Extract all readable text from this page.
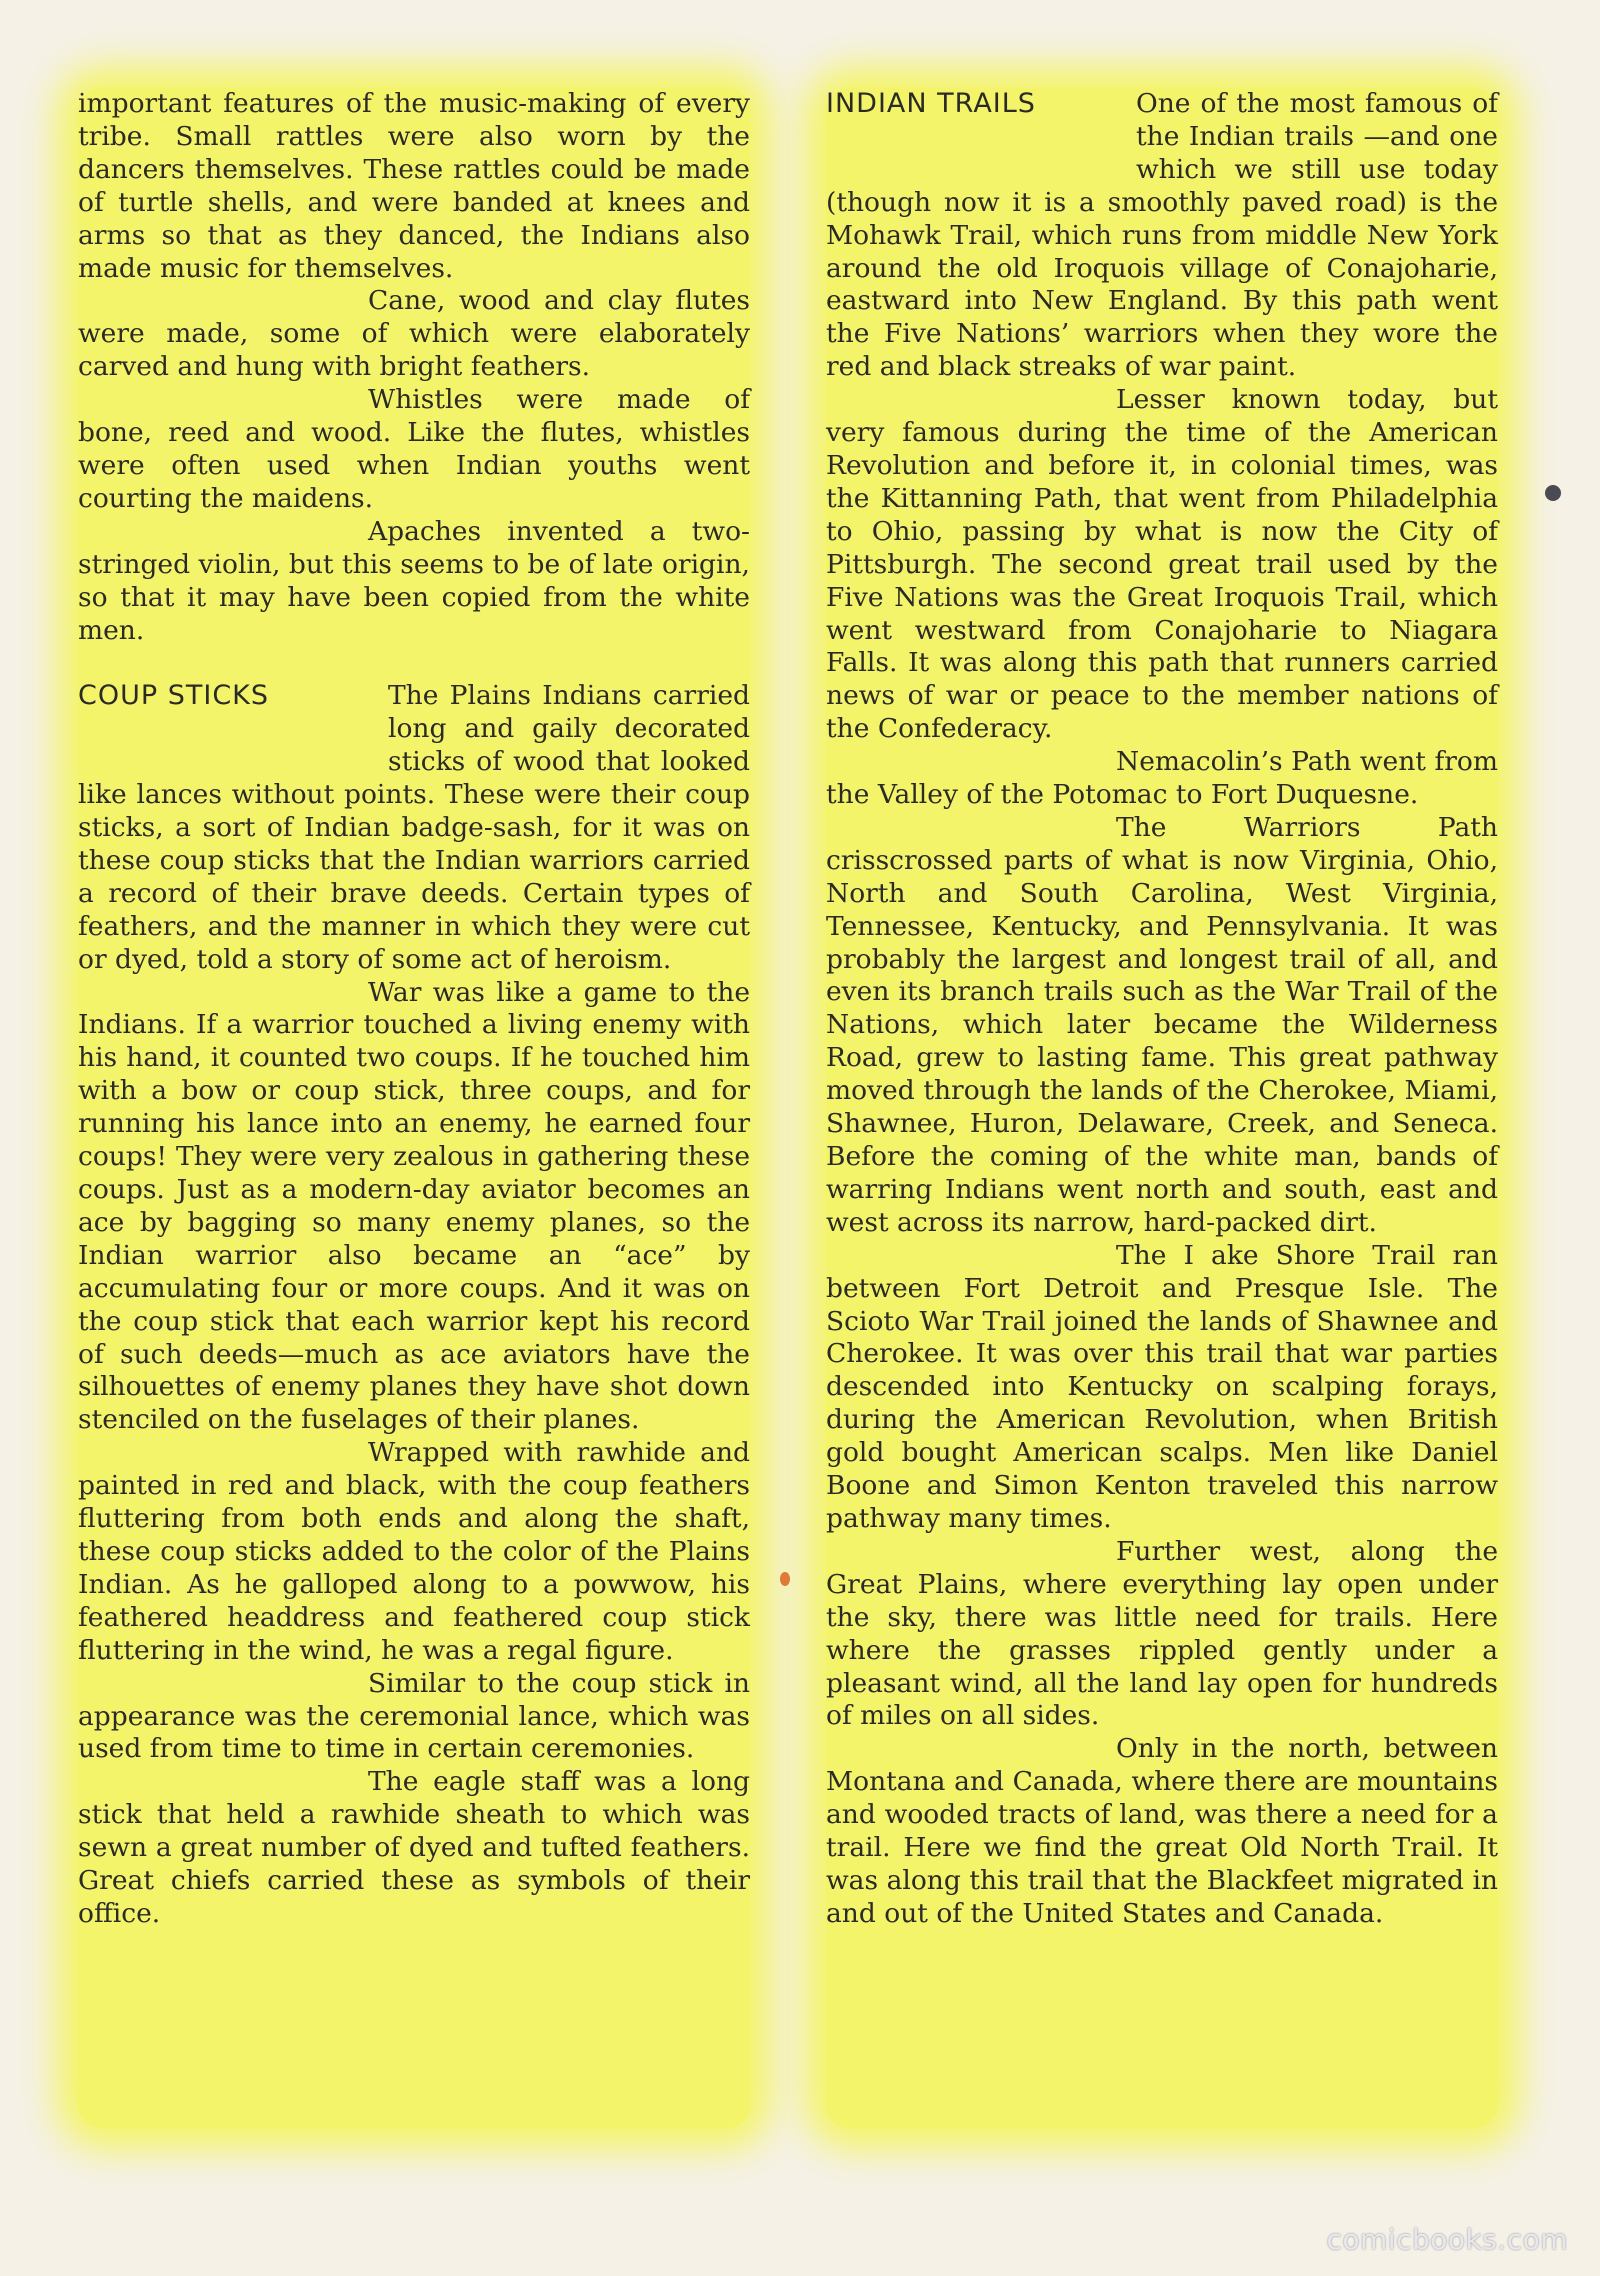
important features of the music-making of every tribe. Small rattles were also worn by the dancers themselves. These rattles could be made of turtle shells, and were banded at knees and arms so that as they danced, the Indians also made music for themselves.

Cane, wood and clay flutes were made, some of which were elaborately carved and hung with bright feathers.

Whistles were made of bone, reed and wood. Like the flutes, whistles were often used when Indian youths went courting the maidens.

Apaches invented a two-stringed violin, but this seems to be of late origin, so that it may have been copied from the white men.

COUP STICKS	The Plains Indians carried long and gaily decorated sticks of wood that looked like lances without points. These were their coup sticks, a sort of Indian badge-sash, for it was on these coup sticks that the Indian warriors carried a record of their brave deeds. Certain types of feathers, and the manner in which they were cut or dyed, told a story of some act of heroism.

War was like a game to the Indians. If a warrior touched a living enemy with his hand, it counted two coups. If he touched him with a bow or coup stick, three coups, and for running his lance into an enemy, he earned four coups! They were very zealous in gathering these coups. Just as a modern-day aviator becomes an ace by bagging so many enemy planes, so the Indian warrior also became an “ace” by accumulating four or more coups. And it was on the coup stick that each warrior kept his record of such deeds—much as ace aviators have the silhouettes of enemy planes they have shot down stenciled on the fuselages of their planes.

Wrapped with rawhide and painted in red and black, with the coup feathers fluttering from both ends and along the shaft, these coup sticks added to the color of the Plains Indian. As he galloped along to a powwow, his feathered headdress and feathered coup stick fluttering in the wind, he was a regal figure.

Similar to the coup stick in appearance was the ceremonial lance, which was used from time to time in certain ceremonies.

The eagle staff was a long stick that held a rawhide sheath to which was sewn a great number of dyed and tufted feathers. Great chiefs carried these as symbols of their office.

INDIAN TRAILS	One of the most famous of the Indian trails —and one which we still use today (though now it is a smoothly paved road) is the Mohawk Trail, which runs from middle New York around the old Iroquois village of Conajoharie, eastward into New England. By this path went the Five Nations’ warriors when they wore the red and black streaks of war paint.

Lesser known today, but very famous during the time of the American Revolution and before it, in colonial times, was the Kittanning Path, that went from Philadelphia to Ohio, passing by what is now the City of Pittsburgh. The second great trail used by the Five Nations was the Great Iroquois Trail, which went westward from Conajoharie to Niagara Falls. It was along this path that runners carried news of war or peace to the member nations of the Confederacy.

Nemacolin’s Path went from the Valley of the Potomac to Fort Duquesne.

The Warriors Path crisscrossed parts of what is now Virginia, Ohio, North and South Carolina, West Virginia, Tennessee, Kentucky, and Pennsylvania. It was probably the largest and longest trail of all, and even its branch trails such as the War Trail of the Nations, which later became the Wilderness Road, grew to lasting fame. This great pathway moved through the lands of the Cherokee, Miami, Shawnee, Huron, Delaware, Creek, and Seneca. Before the coming of the white man, bands of warring Indians went north and south, east and west across its narrow, hard-packed dirt.

The I ake Shore Trail ran between Fort Detroit and Presque Isle. The Scioto War Trail joined the lands of Shawnee and Cherokee. It was over this trail that war parties descended into Kentucky on scalping forays, during the American Revolution, when British gold bought American scalps. Men like Daniel Boone and Simon Kenton traveled this narrow pathway many times.

Further west, along the Great Plains, where everything lay open under the sky, there was little need for trails. Here where the grasses rippled gently under a pleasant wind, all the land lay open for hundreds of miles on all sides.

Only in the north, between Montana and Canada, where there are mountains and wooded tracts of land, was there a need for a trail. Here we find the great Old North Trail. It was along this trail that the Blackfeet migrated in and out of the United States and Canada.

comicbooks.com
